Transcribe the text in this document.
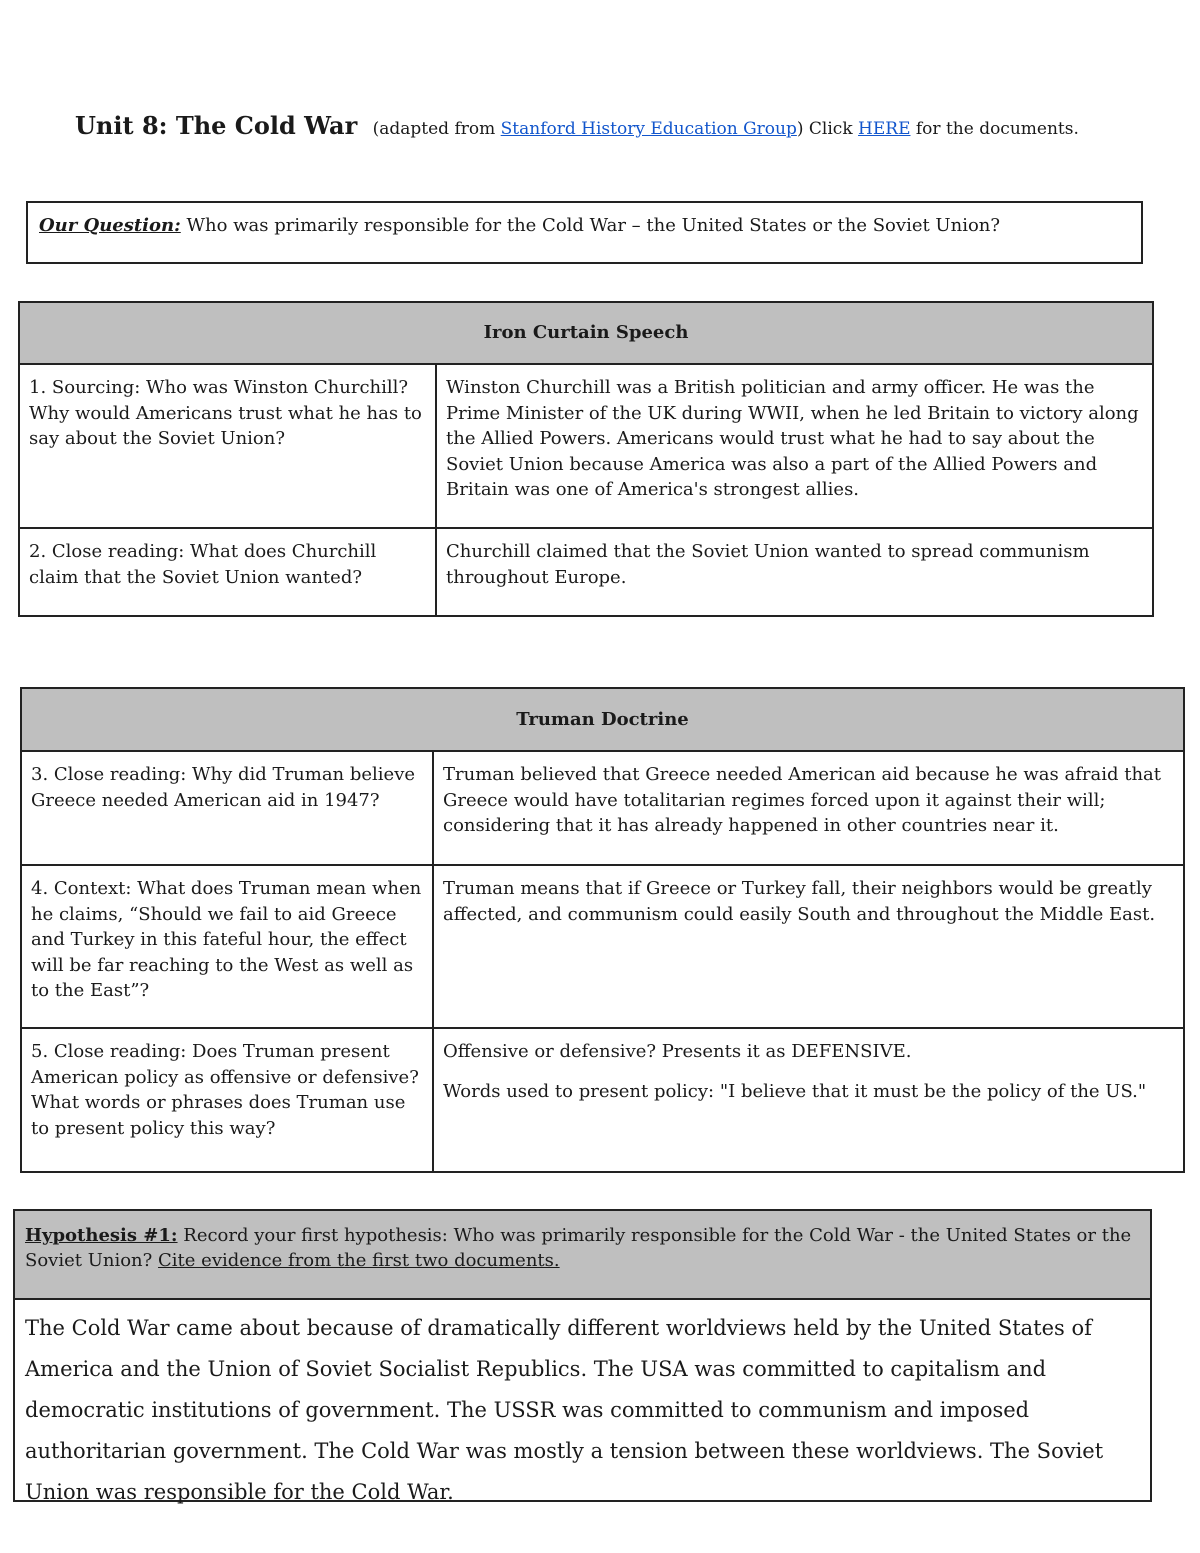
Unit 8: The Cold War (adapted from Stanford History Education Group) Click HERE for the documents.
Our Question: Who was primarily responsible for the Cold War – the United States or the Soviet Union?
Iron Curtain Speech	
1. Sourcing: Who was Winston Churchill? Why would Americans trust what he has to say about the Soviet Union?	Winston Churchill was a British politician and army officer. He was the Prime Minister of the UK during WWII, when he led Britain to victory along the Allied Powers. Americans would trust what he had to say about the Soviet Union because America was also a part of the Allied Powers and Britain was one of America's strongest allies.
2. Close reading: What does Churchill claim that the Soviet Union wanted?	Churchill claimed that the Soviet Union wanted to spread communism throughout Europe.
Truman Doctrine	
3. Close reading: Why did Truman believe Greece needed American aid in 1947?	Truman believed that Greece needed American aid because he was afraid that Greece would have totalitarian regimes forced upon it against their will; considering that it has already happened in other countries near it.
4. Context: What does Truman mean when he claims, “Should we fail to aid Greece and Turkey in this fateful hour, the effect will be far reaching to the West as well as to the East”?	Truman means that if Greece or Turkey fall, their neighbors would be greatly affected, and communism could easily South and throughout the Middle East.
5. Close reading: Does Truman present American policy as offensive or defensive? What words or phrases does Truman use to present policy this way?	Offensive or defensive? Presents it as DEFENSIVE.

Words used to present policy: "I believe that it must be the policy of the US."

Hypothesis #1: Record your first hypothesis: Who was primarily responsible for the Cold War - the United States or the Soviet Union? Cite evidence from the first two documents.
The Cold War came about because of dramatically different worldviews held by the United States of America and the Union of Soviet Socialist Republics. The USA was committed to capitalism and democratic institutions of government. The USSR was committed to communism and imposed authoritarian government. The Cold War was mostly a tension between these worldviews. The Soviet Union was responsible for the Cold War.
